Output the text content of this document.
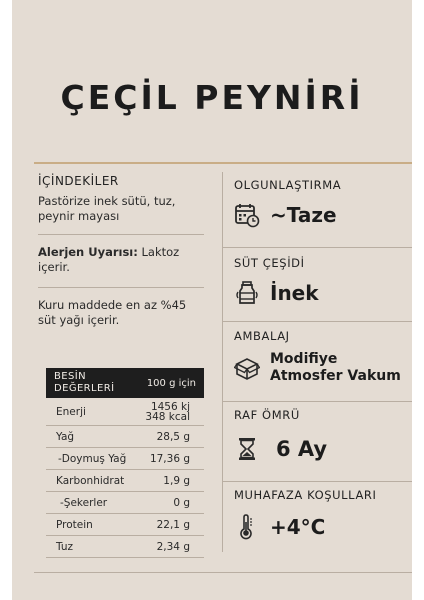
ÇEÇİL PEYNİRİ
İÇİNDEKİLER
Pastörize inek sütü, tuz, peynir mayası
Alerjen Uyarısı: Laktoz içerir.
Kuru maddede en az %45 süt yağı içerir.
BESİN DEĞERLERİ	100 g için
Enerji	1456 kj
348 kcal
Yağ	28,5 g
-Doymuş Yağ 17,36 g
Karbonhidrat	1,9 g
-Şekerler	0 g
Protein	22,1 g
Tuz	2,34 g
OLGUNLAŞTIRMA
~Taze
SÜT ÇEŞİDİ
İnek
AMBALAJ
Modifiye Atmosfer Vakum
RAF ÖMRÜ
6 Ay
MUHAFAZA KOŞULLARI
+4°C
